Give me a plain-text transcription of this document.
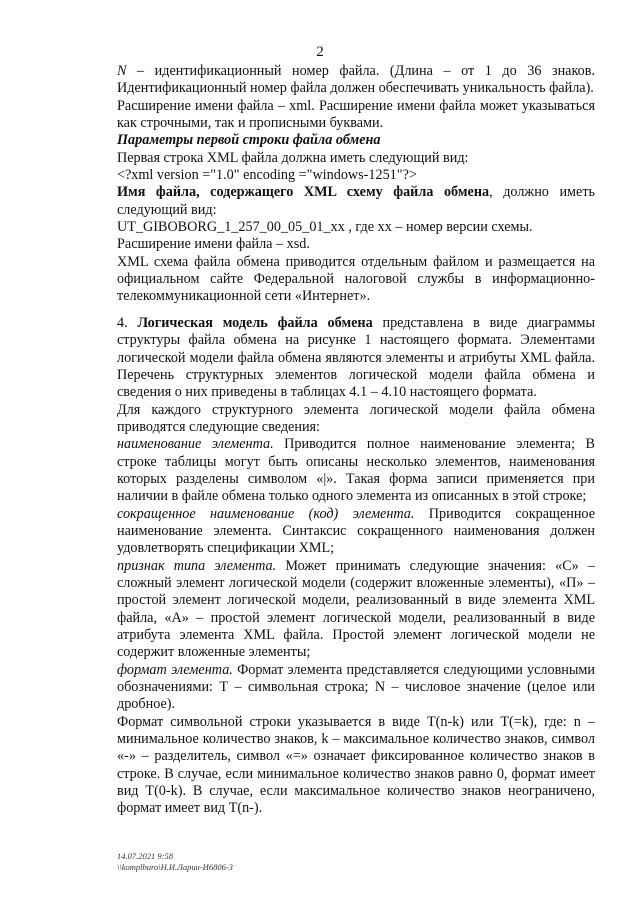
2

N – идентификационный номер файла. (Длина – от 1 до 36 знаков. Идентификационный номер файла должен обеспечивать уникальность файла).

Расширение имени файла – xml. Расширение имени файла может указываться как строчными, так и прописными буквами.

Параметры первой строки файла обмена

Первая строка XML файла должна иметь следующий вид:

<?xml version ="1.0" encoding ="windows-1251"?>

Имя файла, содержащего XML схему файла обмена, должно иметь следующий вид:

UT_GIBOBORG_1_257_00_05_01_xx , где хх – номер версии схемы.

Расширение имени файла – xsd.

XML схема файла обмена приводится отдельным файлом и размещается на официальном сайте Федеральной налоговой службы в информационно-телекоммуникационной сети «Интернет».

4. Логическая модель файла обмена представлена в виде диаграммы структуры файла обмена на рисунке 1 настоящего формата. Элементами логической модели файла обмена являются элементы и атрибуты XML файла. Перечень структурных элементов логической модели файла обмена и сведения о них приведены в таблицах 4.1 – 4.10 настоящего формата.

Для каждого структурного элемента логической модели файла обмена приводятся следующие сведения:

наименование элемента. Приводится полное наименование элемента; В строке таблицы могут быть описаны несколько элементов, наименования которых разделены символом «|». Такая форма записи применяется при наличии в файле обмена только одного элемента из описанных в этой строке;

сокращенное наименование (код) элемента. Приводится сокращенное наименование элемента. Синтаксис сокращенного наименования должен удовлетворять спецификации XML;

признак типа элемента. Может принимать следующие значения: «С» – сложный элемент логической модели (содержит вложенные элементы), «П» – простой элемент логической модели, реализованный в виде элемента XML файла, «А» – простой элемент логической модели, реализованный в виде атрибута элемента XML файла. Простой элемент логической модели не содержит вложенные элементы;

формат элемента. Формат элемента представляется следующими условными обозначениями: Т – символьная строка; N – числовое значение (целое или дробное).

Формат символьной строки указывается в виде Т(n-k) или T(=k), где: n – минимальное количество знаков, k – максимальное количество знаков, символ «-» – разделитель, символ «=» означает фиксированное количество знаков в строке. В случае, если минимальное количество знаков равно 0, формат имеет вид Т(0-k). В случае, если максимальное количество знаков неограничено, формат имеет вид Т(n-).

14.07.2021 9:58
\\komplburo\Н.И.Ларин-И6806-3
